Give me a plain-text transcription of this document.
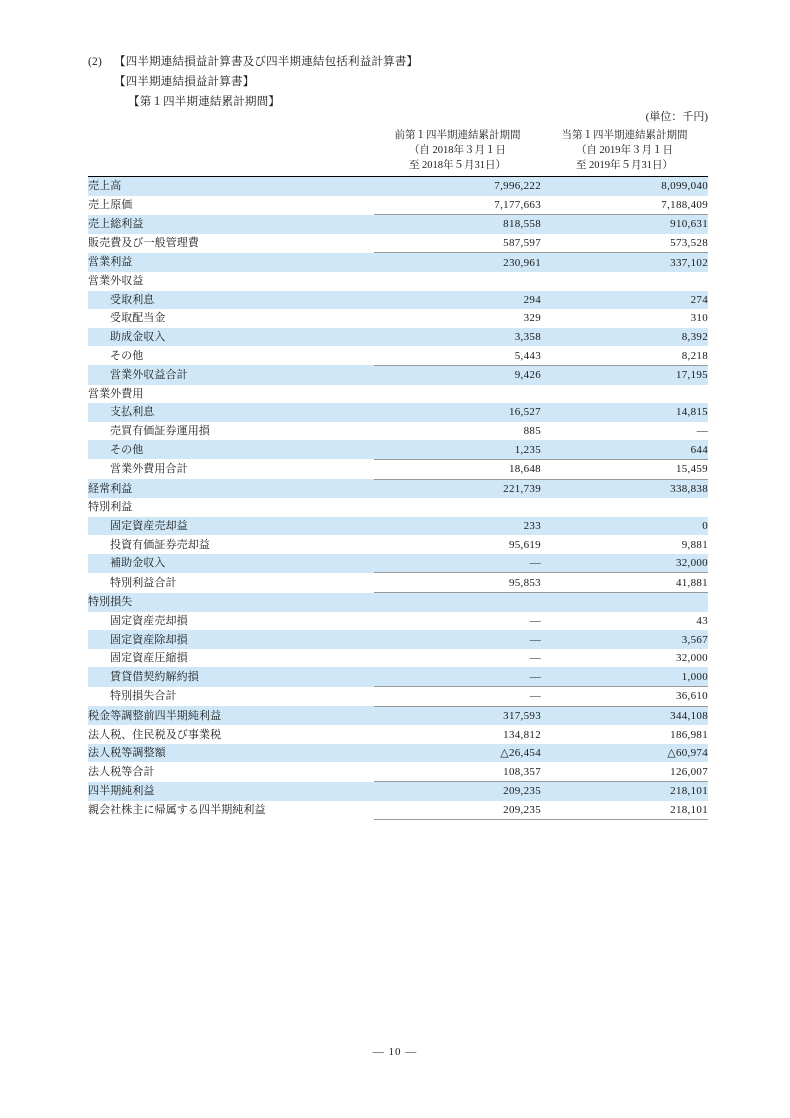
(2) 【四半期連結損益計算書及び四半期連結包括利益計算書】
【四半期連結損益計算書】
【第１四半期連結累計期間】
(単位：千円)

	前第１四半期連結累計期間
（自 2018年３月１日
至 2018年５月31日）	当第１四半期連結累計期間
（自 2019年３月１日
至 2019年５月31日）

売上高	7,996,222	8,099,040
売上原価	7,177,663	7,188,409
売上総利益	818,558	910,631
販売費及び一般管理費	587,597	573,528
営業利益	230,961	337,102
営業外収益		
受取利息	294	274
受取配当金	329	310
助成金収入	3,358	8,392
その他	5,443	8,218
営業外収益合計	9,426	17,195
営業外費用		
支払利息	16,527	14,815
売買有価証券運用損	885	―
その他	1,235	644
営業外費用合計	18,648	15,459
経常利益	221,739	338,838
特別利益		
固定資産売却益	233	0
投資有価証券売却益	95,619	9,881
補助金収入	―	32,000
特別利益合計	95,853	41,881
特別損失		
固定資産売却損	―	43
固定資産除却損	―	3,567
固定資産圧縮損	―	32,000
賃貸借契約解約損	―	1,000
特別損失合計	―	36,610
税金等調整前四半期純利益	317,593	344,108
法人税、住民税及び事業税	134,812	186,981
法人税等調整額	△26,454	△60,974
法人税等合計	108,357	126,007
四半期純利益	209,235	218,101
親会社株主に帰属する四半期純利益	209,235	218,101
― 10 ―
